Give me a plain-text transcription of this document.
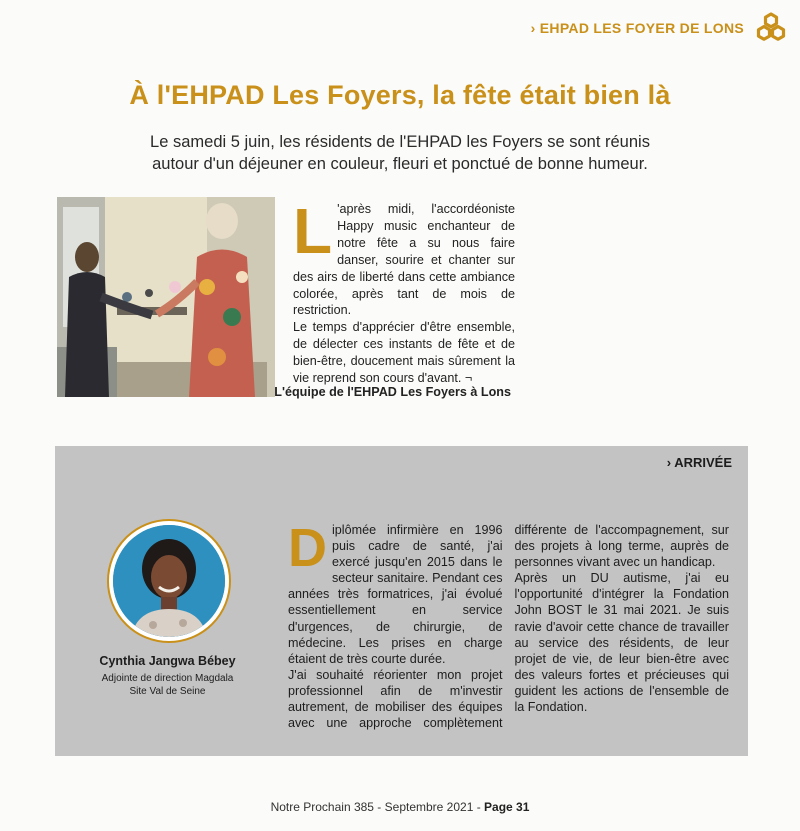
› EHPAD LES FOYER DE LONS
À l'EHPAD Les Foyers, la fête était bien là
Le samedi 5 juin, les résidents de l'EHPAD les Foyers se sont réunis autour d'un déjeuner en couleur, fleuri et ponctué de bonne humeur.
L 'après midi, l'accordéoniste Happy music enchanteur de notre fête a su nous faire danser, sourire et chanter sur des airs de liberté dans cette ambiance colorée, après tant de mois de restriction.

Le temps d'apprécier d'être ensemble, de délecter ces instants de fête et de bien-être, doucement mais sûrement la vie reprend son cours d'avant. ¬

L'équipe de l'EHPAD Les Foyers à Lons
› ARRIVÉE
Cynthia Jangwa Bébey
Adjointe de direction Magdala
Site Val de Seine
D iplômée infirmière en 1996 puis cadre de santé, j'ai exercé jusqu'en 2015 dans le secteur sanitaire. Pendant ces années très formatrices, j'ai évolué essentiellement en service d'urgences, de chirurgie, de médecine. Les prises en charge étaient de très courte durée.

J'ai souhaité réorienter mon projet professionnel afin de m'investir autrement, de mobiliser des équipes avec une approche complètement différente de l'accompagnement, sur des projets à long terme, auprès de personnes vivant avec un handicap.

Après un DU autisme, j'ai eu l'opportunité d'intégrer la Fondation John BOST le 31 mai 2021. Je suis ravie d'avoir cette chance de travailler au service des résidents, de leur projet de vie, de leur bien-être avec des valeurs fortes et précieuses qui guident les actions de l'ensemble de la Fondation.

Notre Prochain 385 - Septembre 2021 - Page 31
